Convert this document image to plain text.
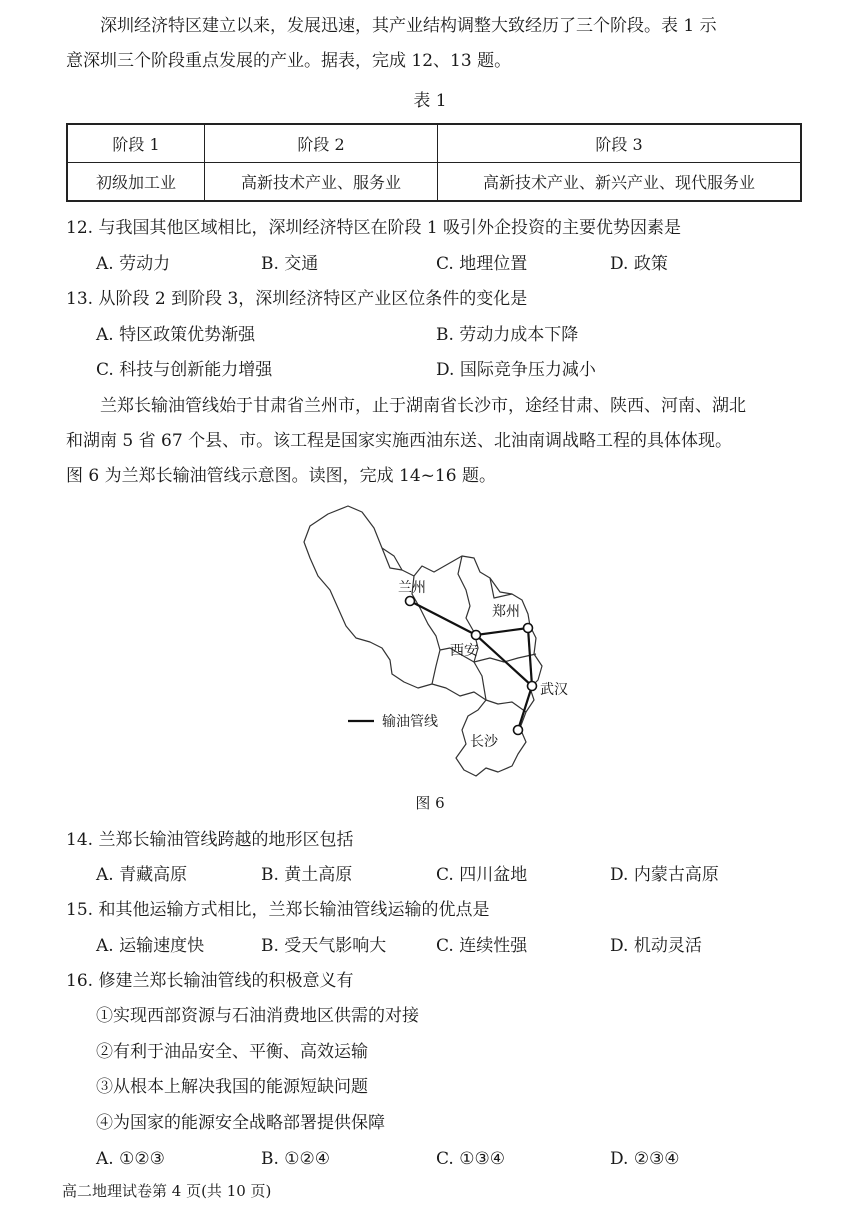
深圳经济特区建立以来，发展迅速，其产业结构调整大致经历了三个阶段。表 1 示
意深圳三个阶段重点发展的产业。据表，完成 12、13 题。

表 1
阶段 1	阶段 2	阶段 3
初级加工业	高新技术产业、服务业	高新技术产业、新兴产业、现代服务业
12. 与我国其他区域相比，深圳经济特区在阶段 1 吸引外企投资的主要优势因素是
A. 劳动力	B. 交通	C. 地理位置	D. 政策
13. 从阶段 2 到阶段 3，深圳经济特区产业区位条件的变化是
A. 特区政策优势渐强	B. 劳动力成本下降
C. 科技与创新能力增强	D. 国际竞争压力减小

兰郑长输油管线始于甘肃省兰州市，止于湖南省长沙市，途经甘肃、陕西、河南、湖北
和湖南 5 省 67 个县、市。该工程是国家实施西油东送、北油南调战略工程的具体体现。

图 6 为兰郑长输油管线示意图。读图，完成 14~16 题。
兰州
西安
郑州
武汉
长沙
输油管线
图 6
14. 兰郑长输油管线跨越的地形区包括
A. 青藏高原	B. 黄土高原	C. 四川盆地	D. 内蒙古高原
15. 和其他运输方式相比，兰郑长输油管线运输的优点是
A. 运输速度快	B. 受天气影响大	C. 连续性强	D. 机动灵活
16. 修建兰郑长输油管线的积极意义有
①实现西部资源与石油消费地区供需的对接
②有利于油品安全、平衡、高效运输
③从根本上解决我国的能源短缺问题
④为国家的能源安全战略部署提供保障
A. ①②③	B. ①②④	C. ①③④	D. ②③④
高二地理试卷第 4 页(共 10 页)
